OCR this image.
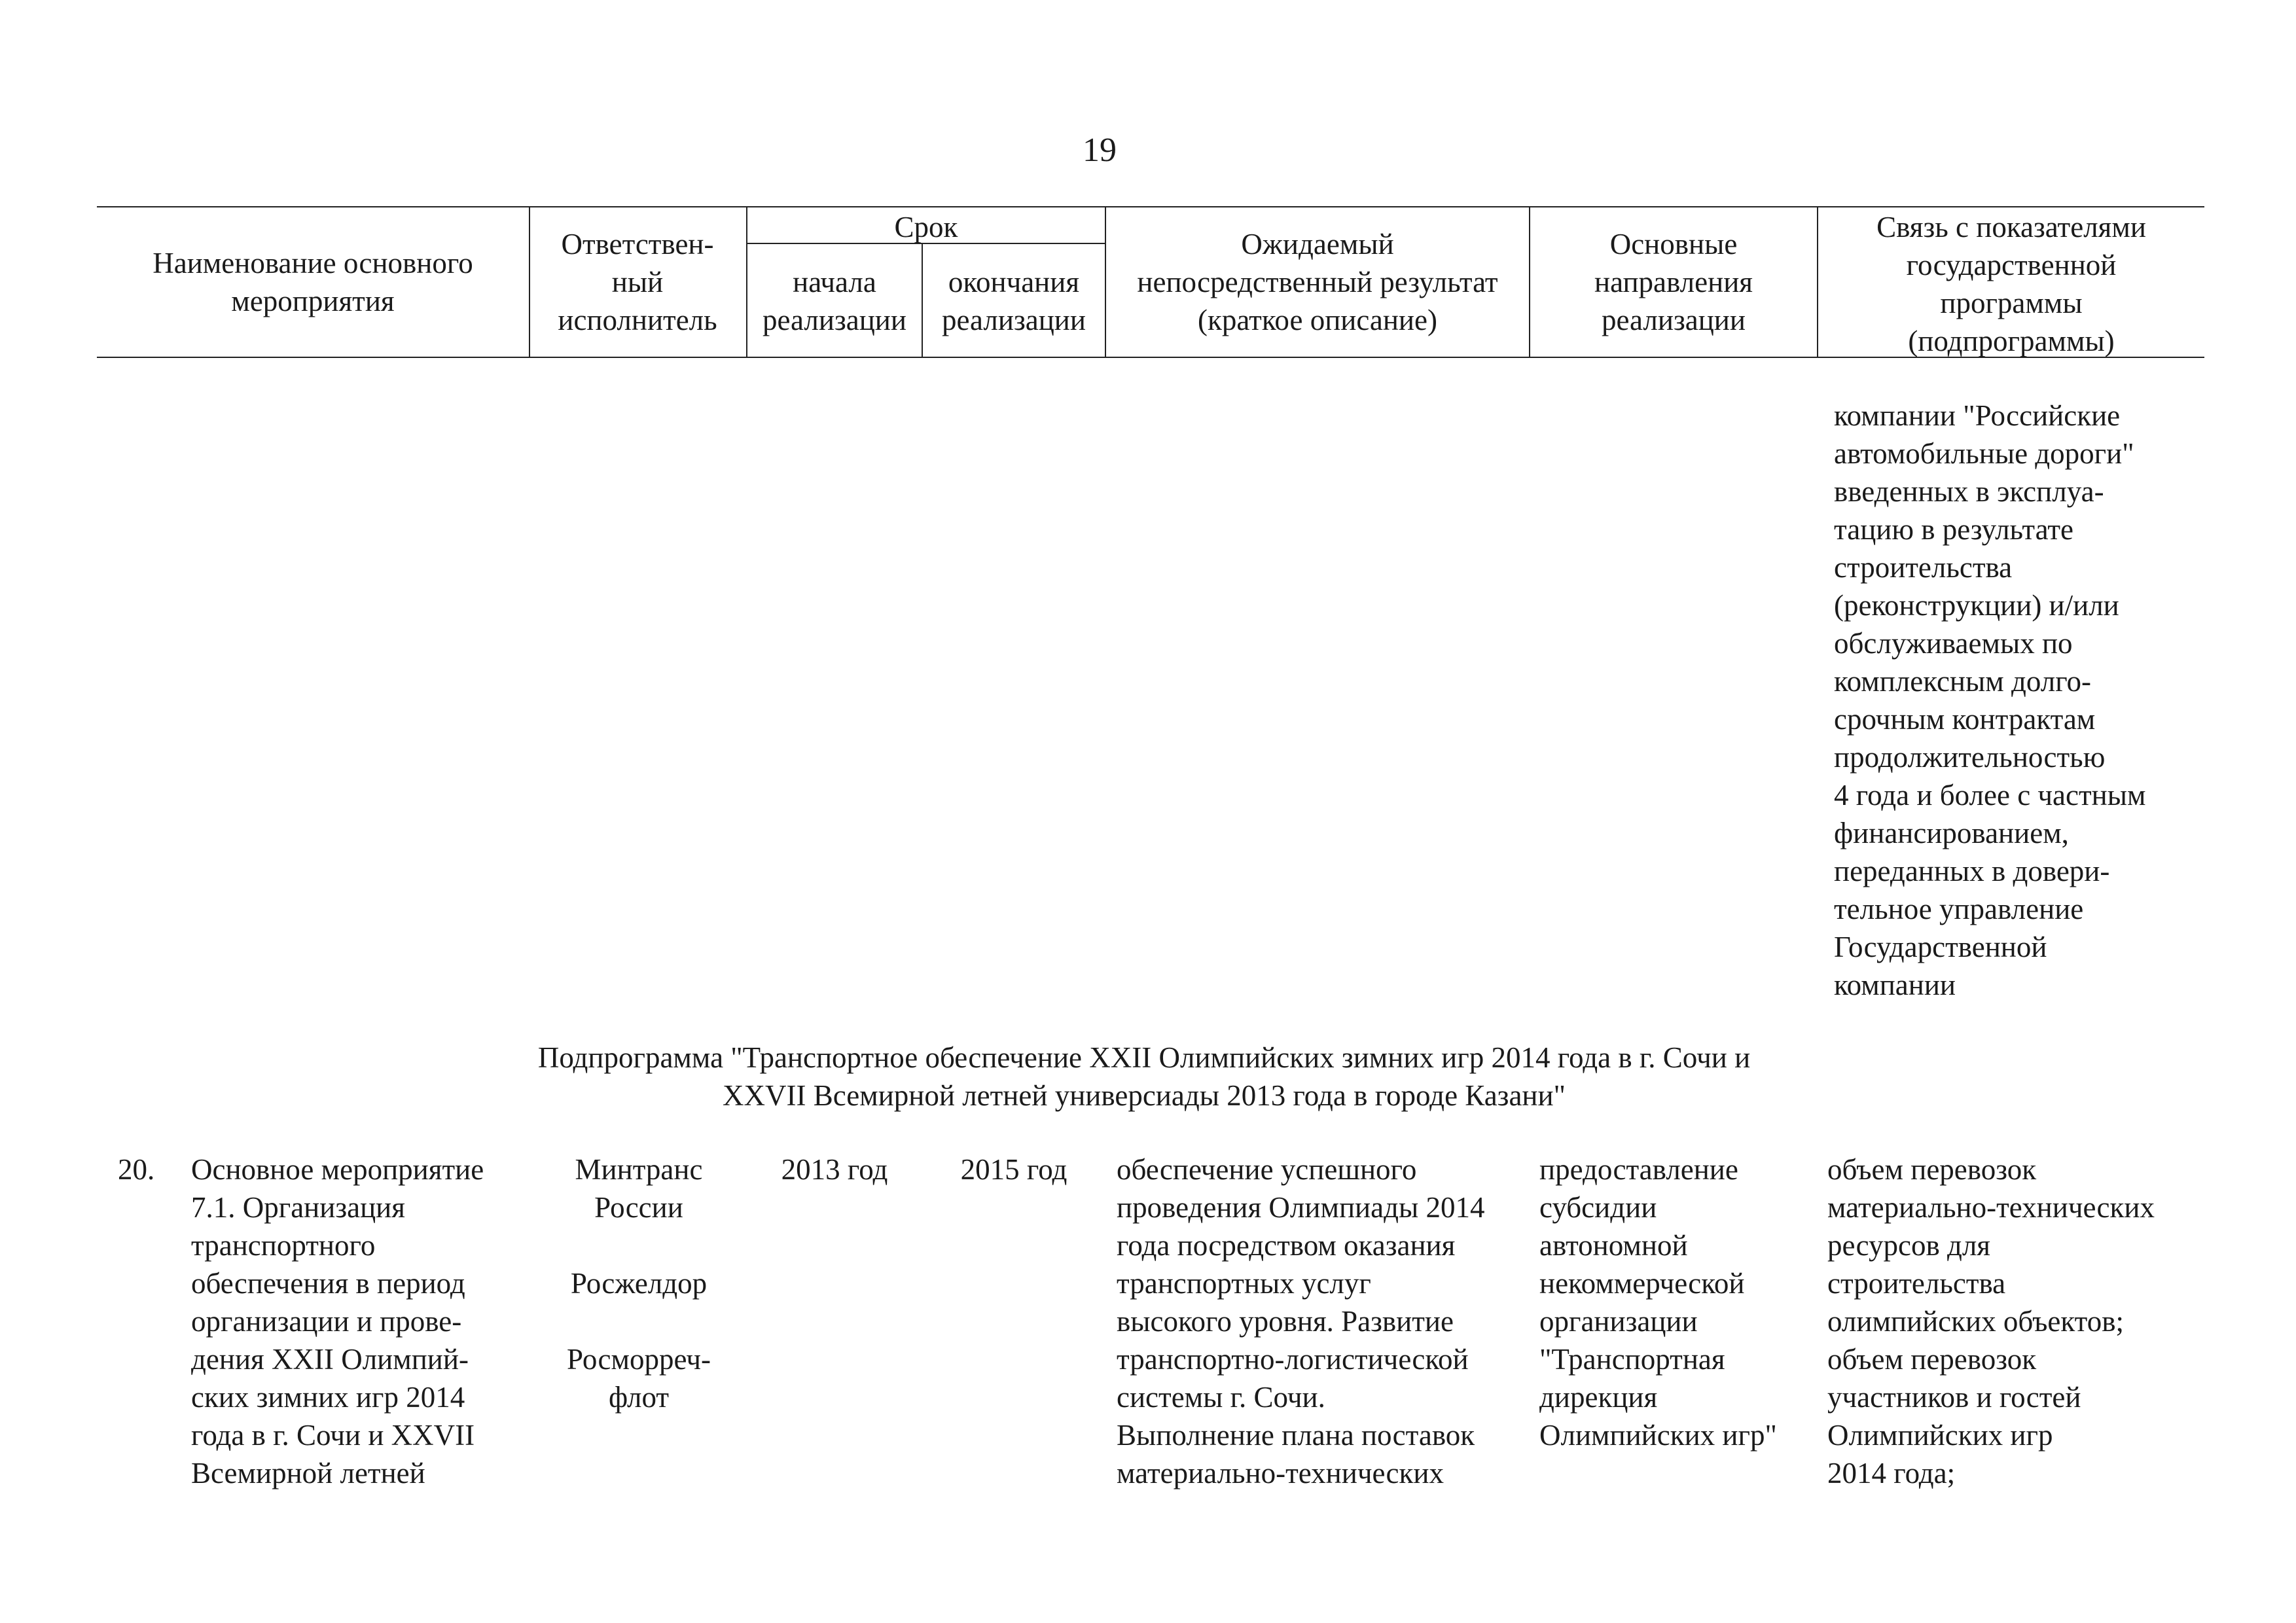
19
Наименование основного
мероприятия
Ответствен-
ный
исполнитель
Срок
начала
реализации
окончания
реализации
Ожидаемый
непосредственный результат
(краткое описание)
Основные
направления
реализации
Связь с показателями
государственной
программы
(подпрограммы)
компании "Российские
автомобильные дороги"
введенных в эксплуа-
тацию в результате
строительства
(реконструкции) и/или
обслуживаемых по
комплексным долго-
срочным контрактам
продолжительностью
4 года и более с частным
финансированием,
переданных в довери-
тельное управление
Государственной
компании
Подпрограмма "Транспортное обеспечение XXII Олимпийских зимних игр 2014 года в г. Сочи и
XXVII Всемирной летней универсиады 2013 года в городе Казани"
20. Основное мероприятие
7.1. Организация
транспортного
обеспечения в период
организации и прове-
дения XXII Олимпий-
ских зимних игр 2014
года в г. Сочи и XXVII
Всемирной летней
Минтранс
России
Росжелдор
Росморреч-
флот
2013 год	2015 год	обеспечение успешного
проведения Олимпиады 2014
года посредством оказания
транспортных услуг
высокого уровня. Развитие
транспортно-логистической
системы г. Сочи.
Выполнение плана поставок
материально-технических
предоставление
субсидии
автономной
некоммерческой
организации
"Транспортная
дирекция
Олимпийских игр"
объем перевозок
материально-технических
ресурсов для
строительства
олимпийских объектов;
объем перевозок
участников и гостей
Олимпийских игр
2014 года;
